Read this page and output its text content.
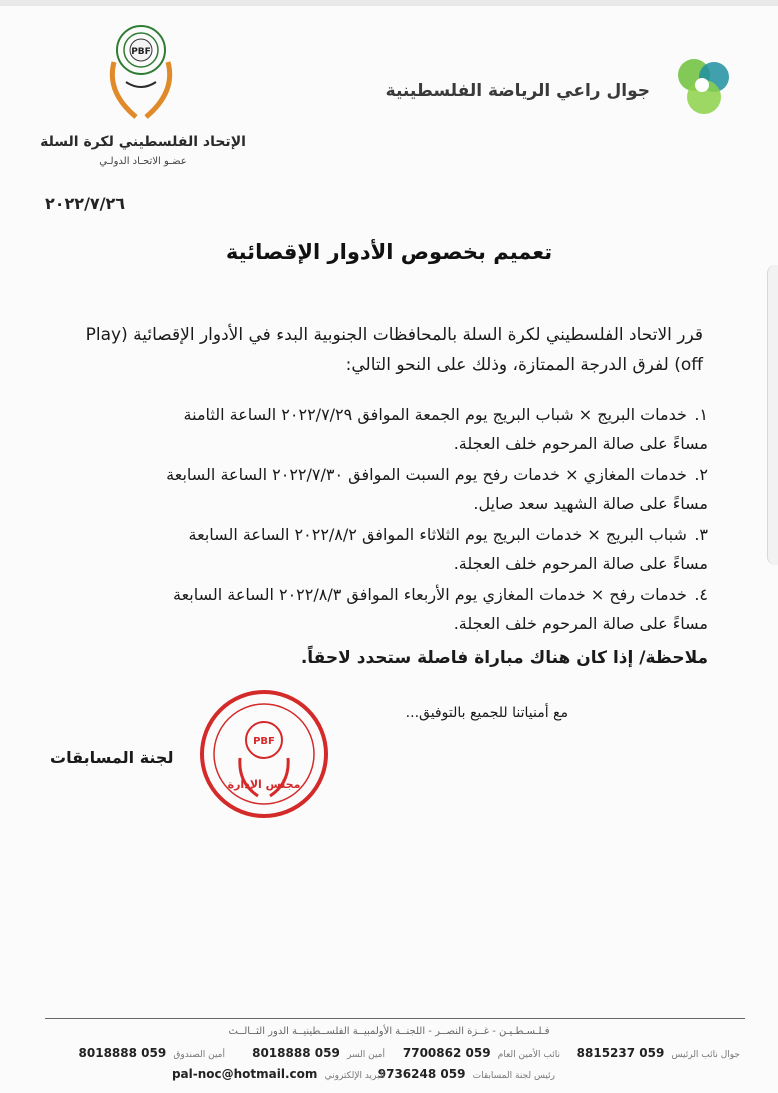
جوال راعي الرياضة الفلسطينية
PBF
الإتحاد الفلسطيني لكرة السلة
عضـو الاتحـاد الدولـي
٢٠٢٢/٧/٢٦
تعميم بخصوص الأدوار الإقصائية
قرر الاتحاد الفلسطيني لكرة السلة بالمحافظات الجنوبية البدء في الأدوار الإقصائية (Play off) لفرق الدرجة الممتازة، وذلك على النحو التالي:
١. خدمات البريج × شباب البريج يوم الجمعة الموافق ٢٠٢٢/٧/٢٩ الساعة الثامنة
مساءً على صالة المرحوم خلف العجلة.
٢. خدمات المغازي × خدمات رفح يوم السبت الموافق ٢٠٢٢/٧/٣٠ الساعة السابعة
مساءً على صالة الشهيد سعد صايل.
٣. شباب البريج × خدمات البريج يوم الثلاثاء الموافق ٢٠٢٢/٨/٢ الساعة السابعة
مساءً على صالة المرحوم خلف العجلة.
٤. خدمات رفح × خدمات المغازي يوم الأربعاء الموافق ٢٠٢٢/٨/٣ الساعة السابعة
مساءً على صالة المرحوم خلف العجلة.
ملاحظة/ إذا كان هناك مباراة فاصلة ستحدد لاحقاً.
مع أمنياتنا للجميع بالتوفيق...
لجنة المسابقات
PBF
مجلس الإدارة
فـلـسـطـيـن - غــزة النصــر - اللجنــة الأولمبيــة الفلســطينيــة الدور الثــالــث
جوال نائب الرئيس 059 8815237
نائب الأمين العام 059 7700862
أمين السر 059 8018888
أمين الصندوق 059 8018888
رئيس لجنة المسابقات 059 9736248
البريد الإلكتروني pal-noc@hotmail.com
